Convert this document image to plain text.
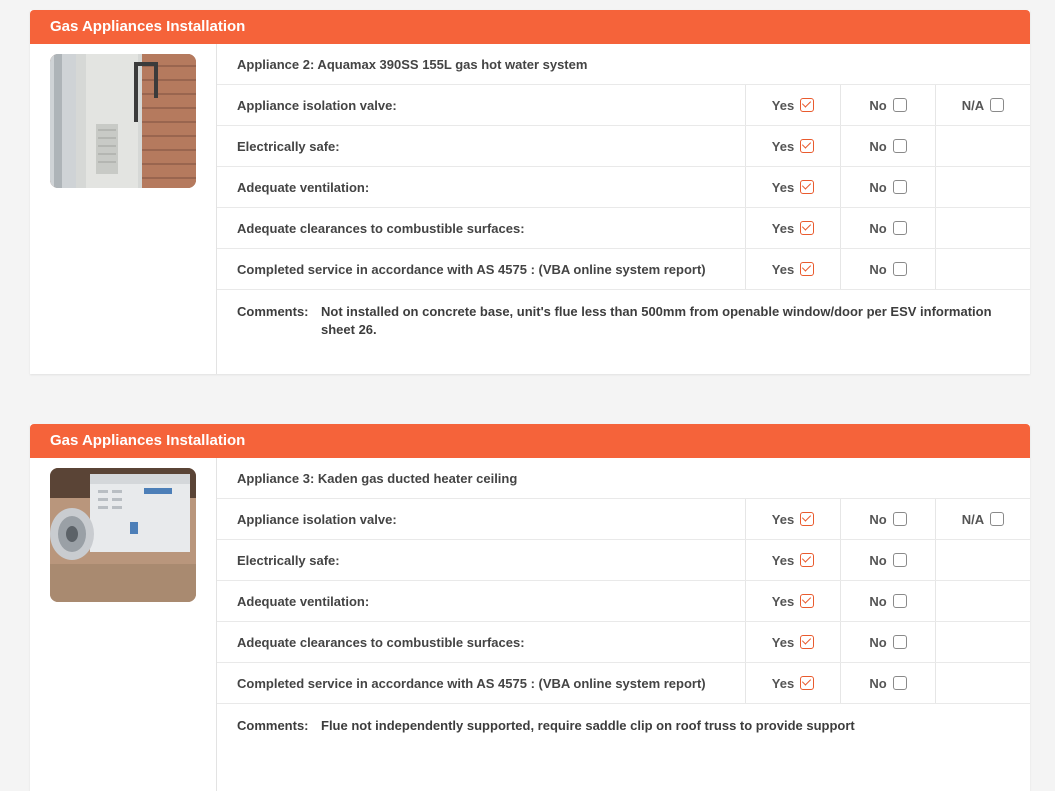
Gas Appliances Installation
Appliance 2: Aquamax 390SS 155L gas hot water system
Appliance isolation valve:	Yes	No	N/A
Electrically safe:	Yes	No
Adequate ventilation:	Yes	No
Adequate clearances to combustible surfaces:	Yes	No
Completed service in accordance with AS 4575 : (VBA online system report)	Yes	No
Comments: Not installed on concrete base, unit's flue less than 500mm from openable window/door per ESV information sheet 26.
Gas Appliances Installation
Appliance 3: Kaden gas ducted heater ceiling
Appliance isolation valve:	Yes	No	N/A
Electrically safe:	Yes	No
Adequate ventilation:	Yes	No
Adequate clearances to combustible surfaces:	Yes	No
Completed service in accordance with AS 4575 : (VBA online system report)	Yes	No
Comments: Flue not independently supported, require saddle clip on roof truss to provide support
